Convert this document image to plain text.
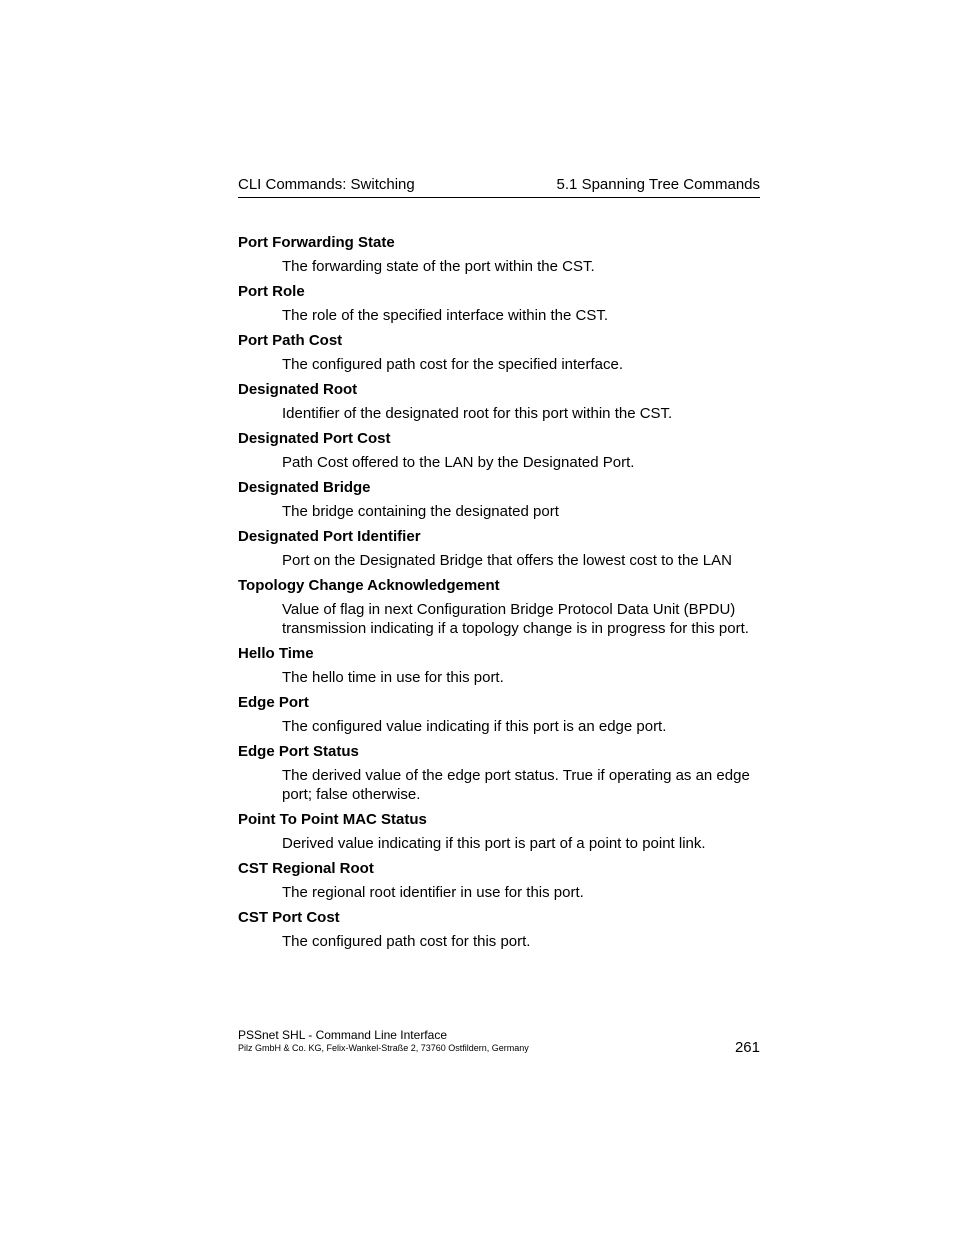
CLI Commands: Switching	5.1 Spanning Tree Commands
Port Forwarding State
The forwarding state of the port within the CST.
Port Role
The role of the specified interface within the CST.
Port Path Cost
The configured path cost for the specified interface.
Designated Root
Identifier of the designated root for this port within the CST.
Designated Port Cost
Path Cost offered to the LAN by the Designated Port.
Designated Bridge
The bridge containing the designated port
Designated Port Identifier
Port on the Designated Bridge that offers the lowest cost to the LAN
Topology Change Acknowledgement
Value of flag in next Configuration Bridge Protocol Data Unit (BPDU) transmission indicating if a topology change is in progress for this port.
Hello Time
The hello time in use for this port.
Edge Port
The configured value indicating if this port is an edge port.
Edge Port Status
The derived value of the edge port status. True if operating as an edge port; false otherwise.
Point To Point MAC Status
Derived value indicating if this port is part of a point to point link.
CST Regional Root
The regional root identifier in use for this port.
CST Port Cost
The configured path cost for this port.
PSSnet SHL - Command Line Interface
Pilz GmbH & Co. KG, Felix-Wankel-Straße 2, 73760 Ostfildern, Germany	261
